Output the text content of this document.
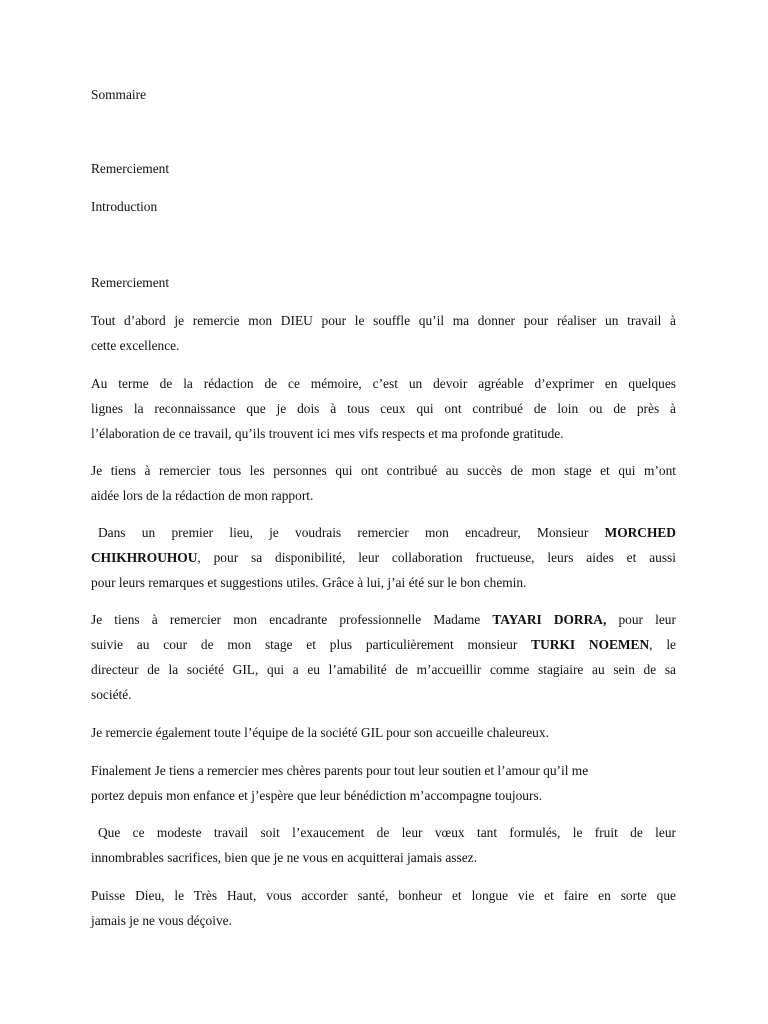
Sommaire
Remerciement
Introduction
Remerciement
Tout d’abord je remercie mon DIEU pour le souffle qu’il ma donner pour réaliser un travail à
cette excellence.
Au terme de la rédaction de ce mémoire, c’est un devoir agréable d’exprimer en quelques
lignes la reconnaissance que je dois à tous ceux qui ont contribué de loin ou de près à
l’élaboration de ce travail, qu’ils trouvent ici mes vifs respects et ma profonde gratitude.
Je tiens à remercier tous les personnes qui ont contribué au succès de mon stage et qui m’ont
aidée lors de la rédaction de mon rapport.
Dans un premier lieu, je voudrais remercier mon encadreur, Monsieur MORCHED
CHIKHROUHOU, pour sa disponibilité, leur collaboration fructueuse, leurs aides et aussi
pour leurs remarques et suggestions utiles. Grâce à lui, j’ai été sur le bon chemin.
Je tiens à remercier mon encadrante professionnelle Madame TAYARI DORRA, pour leur
suivie au cour de mon stage et plus particulièrement monsieur TURKI NOEMEN, le
directeur de la société GIL, qui a eu l’amabilité de m’accueillir comme stagiaire au sein de sa
société.
Je remercie également toute l’équipe de la société GIL pour son accueille chaleureux.
Finalement Je tiens a remercier mes chères parents pour tout leur soutien et l’amour qu’il me
portez depuis mon enfance et j’espère que leur bénédiction m’accompagne toujours.
Que ce modeste travail soit l’exaucement de leur vœux tant formulés, le fruit de leur
innombrables sacrifices, bien que je ne vous en acquitterai jamais assez.
Puisse Dieu, le Très Haut, vous accorder santé, bonheur et longue vie et faire en sorte que
jamais je ne vous déçoive.
